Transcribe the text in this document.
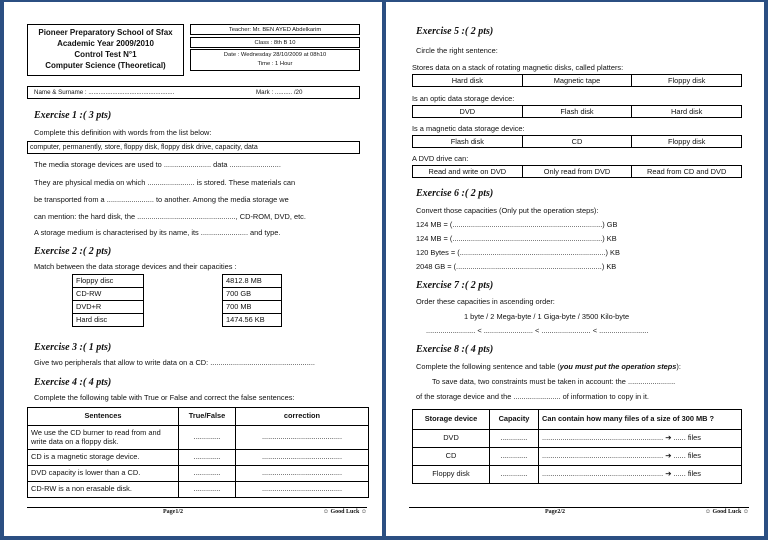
Pioneer Preparatory School of Sfax
Academic Year 2009/2010
Control Test N°1
Computer Science (Theoretical)
Teacher: Mr. BEN AYED Abdelkarim
Class : 8th B 10
Date : Wednesday 28/10/2009 at 08h10
Time : 1 Hour
Name & Surname : ..................................................	Mark : .......... /20
Exercise 1 :( 3 pts)
Complete this definition with words from the list below:
computer, permanently, store, floppy disk, floppy disk drive, capacity, data
The media storage devices are used to ....................... data .........................
They are physical media on which ....................... is stored. These materials can
be transported from a ....................... to another. Among the media storage we
can mention: the hard disk, the ................................................, CD-ROM, DVD, etc.
A storage medium is characterised by its name, its ....................... and type.
Exercise 2 :( 2 pts)
Match between the data storage devices and their capacities :
Floppy disc
CD-RW
DVD+R
Hard disc
4812.8 MB
700 GB
700 MB
1474.56 KB
Exercise 3 :( 1 pts)
Give two peripherals that allow to write data on a CD: ...................................................
Exercise 4 :( 4 pts)
Complete the following table with True or False and correct the false sentences:
Sentences	True/False	correction
We use the CD burner to read from and write data on a floppy disk.	.............	.......................................
CD is a magnetic storage device.	.............	.......................................
DVD capacity is lower than a CD.	.............	.......................................
CD-RW is a non erasable disk.	.............	.......................................
Page1/2	☺ Good Luck ☺
Exercise 5 :( 2 pts)
Circle the right sentence:
Stores data on a stack of rotating magnetic disks, called platters:
Hard disk	Magnetic tape	Floppy disk
Is an optic data storage device:
DVD	Flash disk	Hard disk
Is a magnetic data storage device:
Flash disk	CD	Floppy disk
A DVD drive can:
Read and write on DVD	Only read from DVD	Read from CD and DVD
Exercise 6 :( 2 pts)
Convert those capacities (Only put the operation steps):
124 MB = (.........................................................................) GB
124 MB = (.........................................................................) KB
120 Bytes = (.......................................................................) KB
2048 GB = (.......................................................................) KB
Exercise 7 :( 2 pts)
Order these capacities in ascending order:
1 byte / 2 Mega-byte / 1 Giga-byte / 3500 Kilo-byte
........................ < ........................ < ........................ < ........................
Exercise 8 :( 4 pts)
Complete the following sentence and table (you must put the operation steps):
To save data, two constraints must be taken in account: the .......................
of the storage device and the ....................... of information to copy in it.
Storage device	Capacity	Can contain how many files of a size of 300 MB ?
DVD	.............	........................................................... ➔ ...... files
CD	.............	........................................................... ➔ ...... files
Floppy disk	.............	........................................................... ➔ ...... files
Page2/2	☺ Good Luck ☺
